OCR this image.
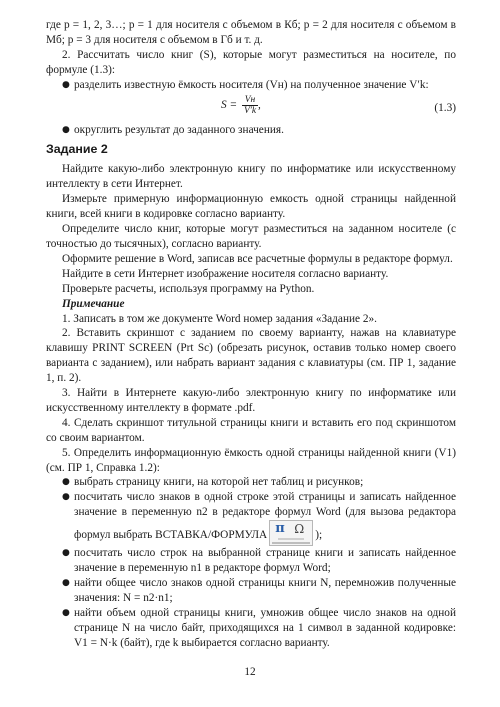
где p = 1, 2, 3…; p = 1 для носителя с объемом в Кб; p = 2 для носителя с объемом в Мб; p = 3 для носителя с объемом в Гб и т. д.

2. Рассчитать число книг (S), которые могут разместиться на носителе, по формуле (1.3):

● разделить известную ёмкость носителя (Vн) на полученное значение V′k:
$S = \frac{Vн}{V'k}$ ,	(1.3)
● округлить результат до заданного значения.
Задание 2

Найдите какую-либо электронную книгу по информатике или искусственному интеллекту в сети Интернет.

Измерьте примерную информационную емкость одной страницы найденной книги, всей книги в кодировке согласно варианту.

Определите число книг, которые могут разместиться на заданном носителе (с точностью до тысячных), согласно варианту.

Оформите решение в Word, записав все расчетные формулы в редакторе формул.

Найдите в сети Интернет изображение носителя согласно варианту.

Проверьте расчеты, используя программу на Python.

Примечание

1. Записать в том же документе Word номер задания «Задание 2».

2. Вставить скриншот с заданием по своему варианту, нажав на клавиатуре клавишу PRINT SCREEN (Prt Sc) (обрезать рисунок, оставив только номер своего варианта с заданием), или набрать вариант задания с клавиатуры (см. ПР 1, задание 1, п. 2).

3. Найти в Интернете какую-либо электронную книгу по информатике или искусственному интеллекту в формате .pdf.

4. Сделать скриншот титульной страницы книги и вставить его под скриншотом со своим вариантом.

5. Определить информационную ёмкость одной страницы найденной книги (V1) (см. ПР 1, Справка 1.2):

● выбрать страницу книги, на которой нет таблиц и рисунков;
● посчитать число знаков в одной строке этой страницы и записать найденное значение в переменную n2 в редакторе формул Word (для вызова редактора формул выбрать ВСТАВКА/ФОРМУЛА π Ω );
● посчитать число строк на выбранной странице книги и записать найденное значение в переменную n1 в редакторе формул Word;
● найти общее число знаков одной страницы книги N, перемножив полученные значения: N = n2·n1;
● найти объем одной страницы книги, умножив общее число знаков на одной странице N на число байт, приходящихся на 1 символ в заданной кодировке: V1 = N·k (байт), где k выбирается согласно варианту.
12
